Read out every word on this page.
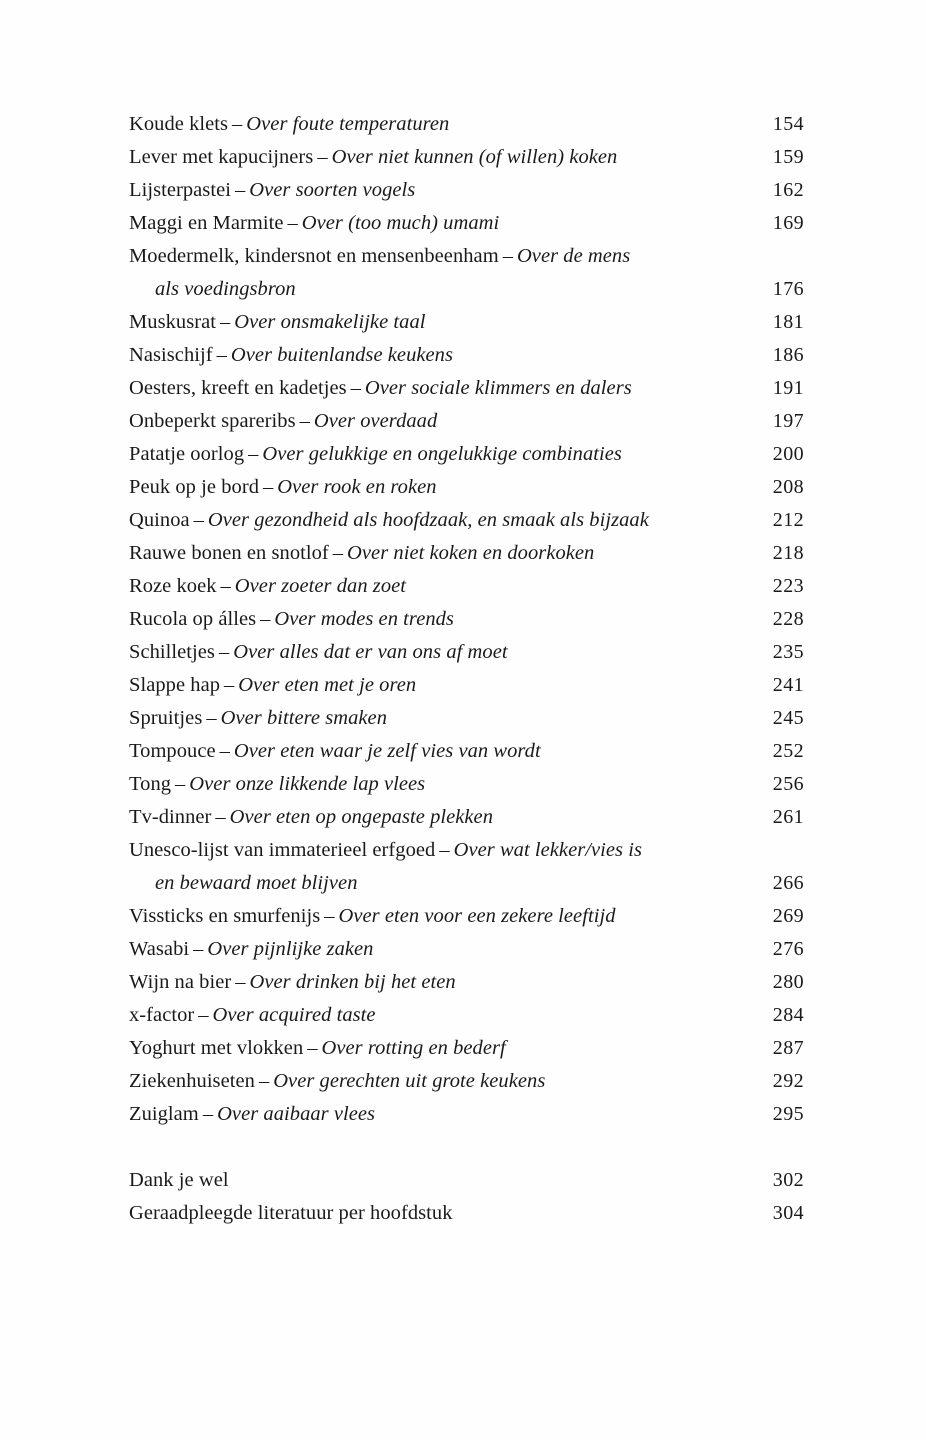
Koude klets – Over foute temperaturen	154
Lever met kapucijners – Over niet kunnen (of willen) koken	159
Lijsterpastei – Over soorten vogels	162
Maggi en Marmite – Over (too much) umami	169
Moedermelk, kindersnot en mensenbeenham – Over de mens
als voedingsbron	176
Muskusrat – Over onsmakelijke taal	181
Nasischijf – Over buitenlandse keukens	186
Oesters, kreeft en kadetjes – Over sociale klimmers en dalers	191
Onbeperkt spareribs – Over overdaad	197
Patatje oorlog – Over gelukkige en ongelukkige combinaties	200
Peuk op je bord – Over rook en roken	208
Quinoa – Over gezondheid als hoofdzaak, en smaak als bijzaak	212
Rauwe bonen en snotlof – Over niet koken en doorkoken	218
Roze koek – Over zoeter dan zoet	223
Rucola op álles – Over modes en trends	228
Schilletjes – Over alles dat er van ons af moet	235
Slappe hap – Over eten met je oren	241
Spruitjes – Over bittere smaken	245
Tompouce – Over eten waar je zelf vies van wordt	252
Tong – Over onze likkende lap vlees	256
Tv-dinner – Over eten op ongepaste plekken	261
Unesco-lijst van immaterieel erfgoed – Over wat lekker/vies is
en bewaard moet blijven	266
Vissticks en smurfenijs – Over eten voor een zekere leeftijd	269
Wasabi – Over pijnlijke zaken	276
Wijn na bier – Over drinken bij het eten	280
x-factor – Over acquired taste	284
Yoghurt met vlokken – Over rotting en bederf	287
Ziekenhuiseten – Over gerechten uit grote keukens	292
Zuiglam – Over aaibaar vlees	295
Dank je wel	302
Geraadpleegde literatuur per hoofdstuk	304
